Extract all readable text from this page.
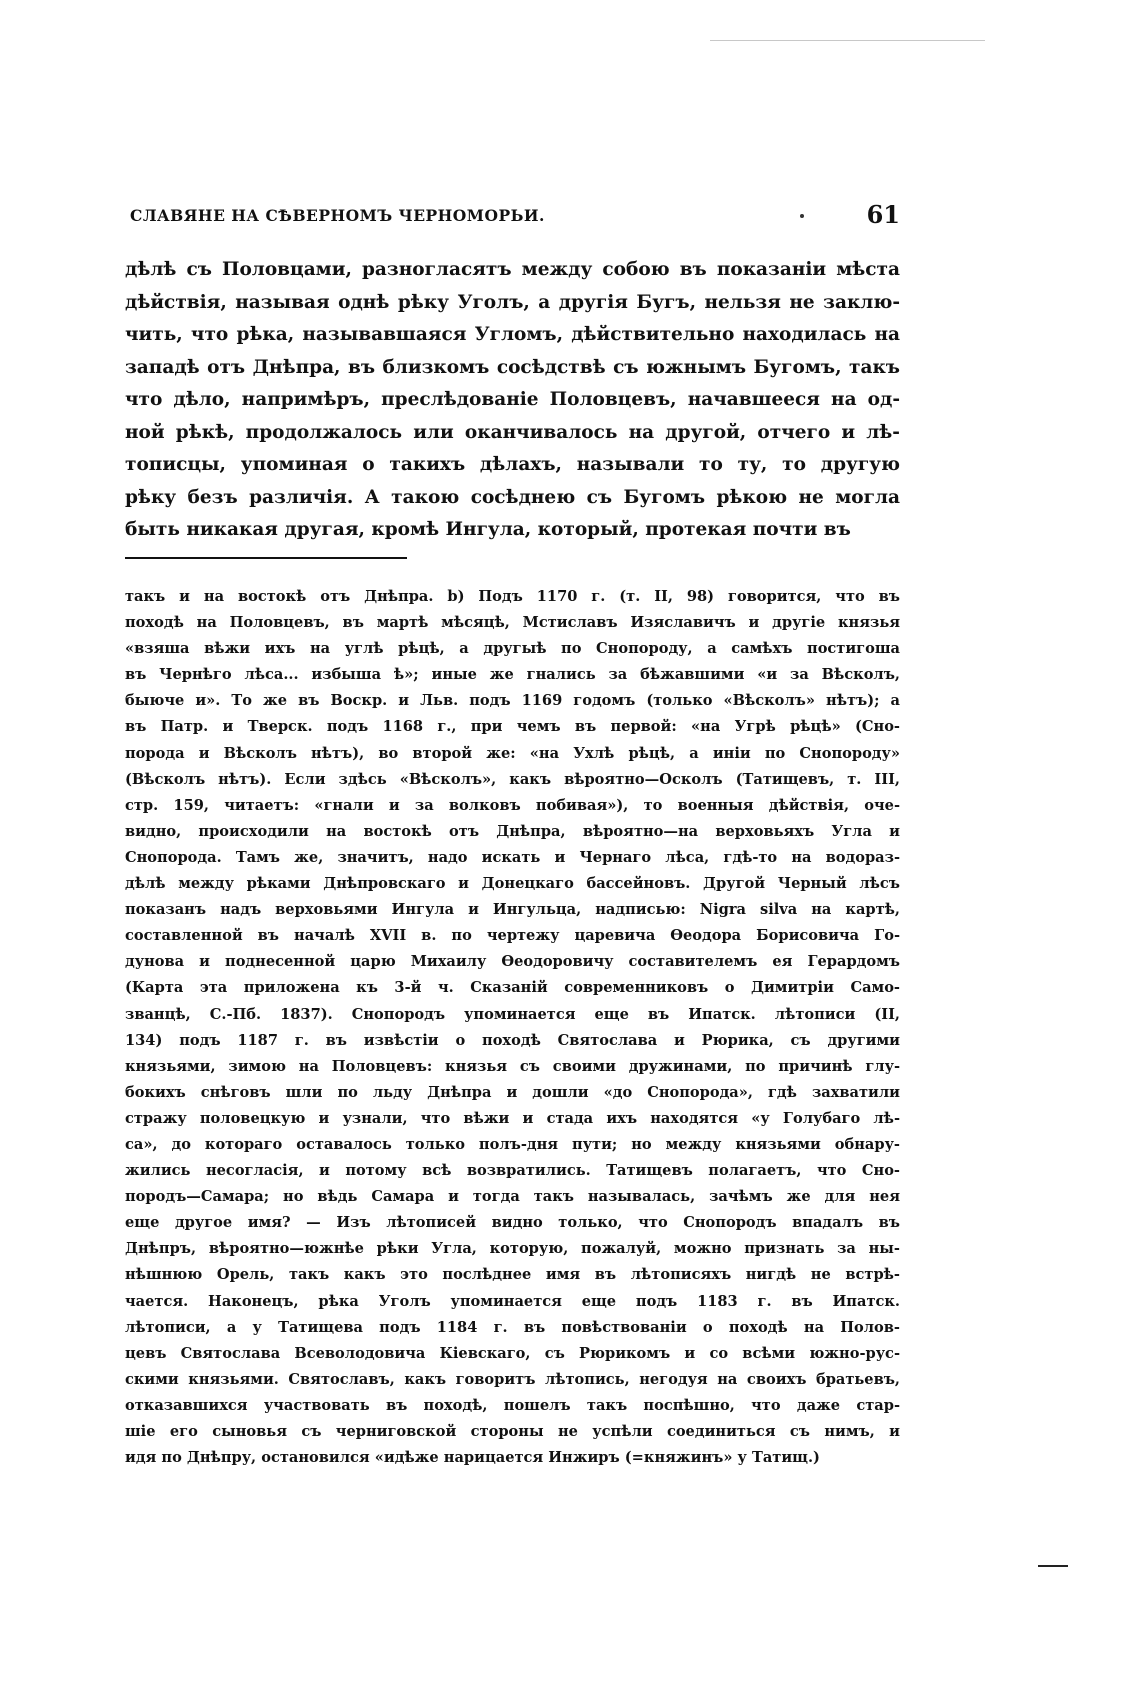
СЛАВЯНЕ НА СѢВЕРНОМЪ ЧЕРНОМОРЬИ.	61
дѣлѣ съ Половцами, разногласятъ между собою въ показаніи мѣста
дѣйствія, называя однѣ рѣку Уголъ, а другія Бугъ, нельзя не заклю-
чить, что рѣка, называвшаяся Угломъ, дѣйствительно находилась на
западѣ отъ Днѣпра, въ близкомъ сосѣдствѣ съ южнымъ Бугомъ, такъ
что дѣло, напримѣръ, преслѣдованіе Половцевъ, начавшееся на од-
ной рѣкѣ, продолжалось или оканчивалось на другой, отчего и лѣ-
тописцы, упоминая о такихъ дѣлахъ, называли то ту, то другую
рѣку безъ различія. А такою сосѣднею съ Бугомъ рѣкою не могла
быть никакая другая, кромѣ Ингула, который, протекая почти въ
такъ и на востокѣ отъ Днѣпра. b) Подъ 1170 г. (т. II, 98) говорится, что въ
походѣ на Половцевъ, въ мартѣ мѣсяцѣ, Мстиславъ Изяславичъ и другіе князья
«взяша вѣжи ихъ на углѣ рѣцѣ, а другыѣ по Снопороду, а самѣхъ постигоша
въ Чернѣго лѣса... избыша ѣ»; иные же гнались за бѣжавшими «и за Вѣсколъ,
быюче и». То же въ Воскр. и Льв. подъ 1169 годомъ (только «Вѣсколъ» нѣтъ); а
въ Патр. и Тверск. подъ 1168 г., при чемъ въ первой: «на Угрѣ рѣцѣ» (Сно-
порода и Вѣсколъ нѣтъ), во второй же: «на Ухлѣ рѣцѣ, а иніи по Снопороду»
(Вѣсколъ нѣтъ). Если здѣсь «Вѣсколъ», какъ вѣроятно—Осколъ (Татищевъ, т. III,
стр. 159, читаетъ: «гнали и за волковъ побивая»), то военныя дѣйствія, оче-
видно, происходили на востокѣ отъ Днѣпра, вѣроятно—на верховьяхъ Угла и
Снопорода. Тамъ же, значитъ, надо искать и Чернаго лѣса, гдѣ-то на водораз-
дѣлѣ между рѣками Днѣпровскаго и Донецкаго бассейновъ. Другой Черный лѣсъ
показанъ надъ верховьями Ингула и Ингульца, надписью: Nigra silva на картѣ,
составленной въ началѣ XVII в. по чертежу царевича Ѳеодора Борисовича Го-
дунова и поднесенной царю Михаилу Ѳеодоровичу составителемъ ея Герардомъ
(Карта эта приложена къ 3-й ч. Сказаній современниковъ о Димитріи Само-
званцѣ, С.-Пб. 1837). Снопородъ упоминается еще въ Ипатск. лѣтописи (II,
134) подъ 1187 г. въ извѣстіи о походѣ Святослава и Рюрика, съ другими
князьями, зимою на Половцевъ: князья съ своими дружинами, по причинѣ глу-
бокихъ снѣговъ шли по льду Днѣпра и дошли «до Снопорода», гдѣ захватили
стражу половецкую и узнали, что вѣжи и стада ихъ находятся «у Голубаго лѣ-
са», до котораго оставалось только полъ-дня пути; но между князьями обнару-
жились несогласія, и потому всѣ возвратились. Татищевъ полагаетъ, что Сно-
породъ—Самара; но вѣдь Самара и тогда такъ называлась, зачѣмъ же для нея
еще другое имя? — Изъ лѣтописей видно только, что Снопородъ впадалъ въ
Днѣпръ, вѣроятно—южнѣе рѣки Угла, которую, пожалуй, можно признать за ны-
нѣшнюю Орель, такъ какъ это послѣднее имя въ лѣтописяхъ нигдѣ не встрѣ-
чается. Наконецъ, рѣка Уголъ упоминается еще подъ 1183 г. въ Ипатск.
лѣтописи, а у Татищева подъ 1184 г. въ повѣствованіи о походѣ на Полов-
цевъ Святослава Всеволодовича Кіевскаго, съ Рюрикомъ и со всѣми южно-рус-
скими князьями. Святославъ, какъ говоритъ лѣтопись, негодуя на своихъ братьевъ,
отказавшихся участвовать въ походѣ, пошелъ такъ поспѣшно, что даже стар-
шіе его сыновья съ черниговской стороны не успѣли соединиться съ нимъ, и
идя по Днѣпру, остановился «идѣже нарицается Инжиръ (=княжинъ» у Татищ.)
